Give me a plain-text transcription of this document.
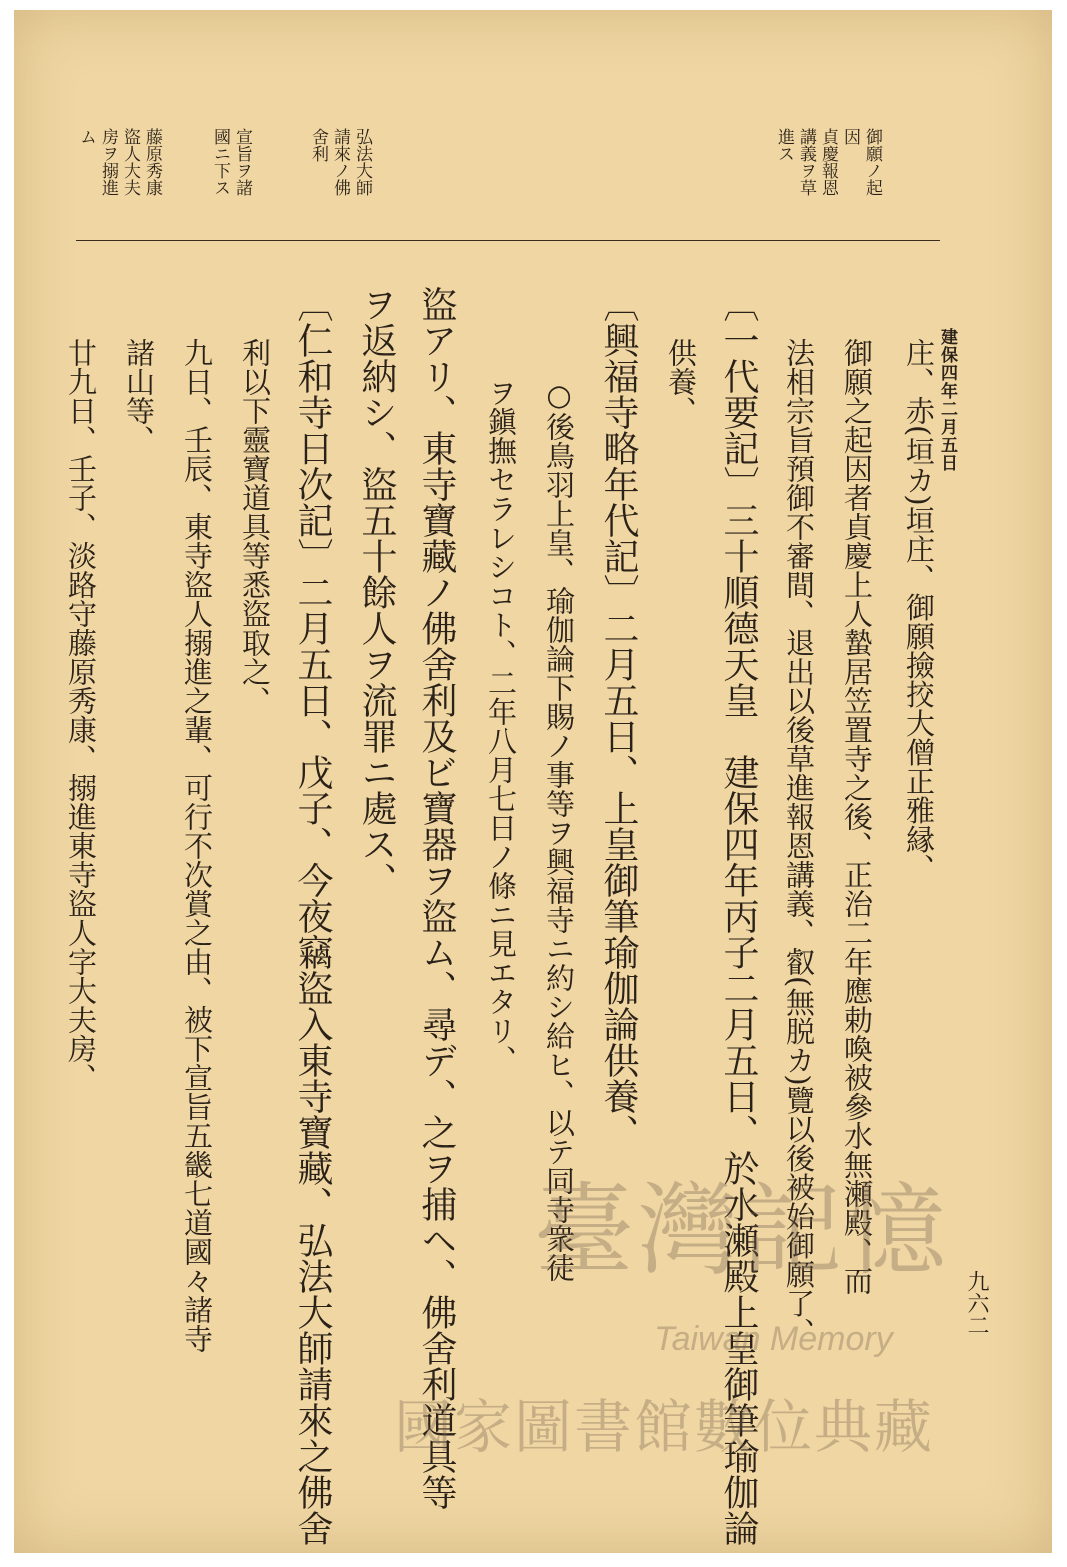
建保四年二月五日
九六二
御願ノ起
因
貞慶報恩
講義ヲ草
進ス
弘法大師
請來ノ佛
舍利
宣旨ヲ諸
國ニ下ス
藤原秀康
盜人大夫
房ヲ搦進
ム
庄、赤(垣カ)垣庄、御願撿挍大僧正雅縁、
御願之起因者貞慶上人蟄居笠置寺之後、正治二年應勅喚被參水無瀬殿、而
法相宗旨預御不審間、退出以後草進報恩講義、叡(無脱カ)覽以後被始御願了、
〔一代要記〕三十順德天皇　建保四年丙子二月五日、於水瀬殿上皇御筆瑜伽論
供養、
〔興福寺略年代記〕二月五日、上皇御筆瑜伽論供養、
○後鳥羽上皇、瑜伽論下賜ノ事等ヲ興福寺ニ約シ給ヒ、以テ同寺衆徒
ヲ鎭撫セラレシコト、二年八月七日ノ條ニ見エタリ、
盜アリ、東寺寶藏ノ佛舍利及ビ寶器ヲ盜ム、尋デ、之ヲ捕ヘ、佛舍利道具等
ヲ返納シ、盜五十餘人ヲ流罪ニ處ス、
〔仁和寺日次記〕二月五日、戊子、今夜竊盜入東寺寶藏、弘法大師請來之佛舍
利以下靈寶道具等悉盜取之、
九日、壬辰、東寺盜人搦進之輩、可行不次賞之由、被下宣旨五畿七道國々諸寺
諸山等、
廿九日、壬子、淡路守藤原秀康、搦進東寺盜人字大夫房、
臺灣記憶
Taiwan Memory
國家圖書館數位典藏
